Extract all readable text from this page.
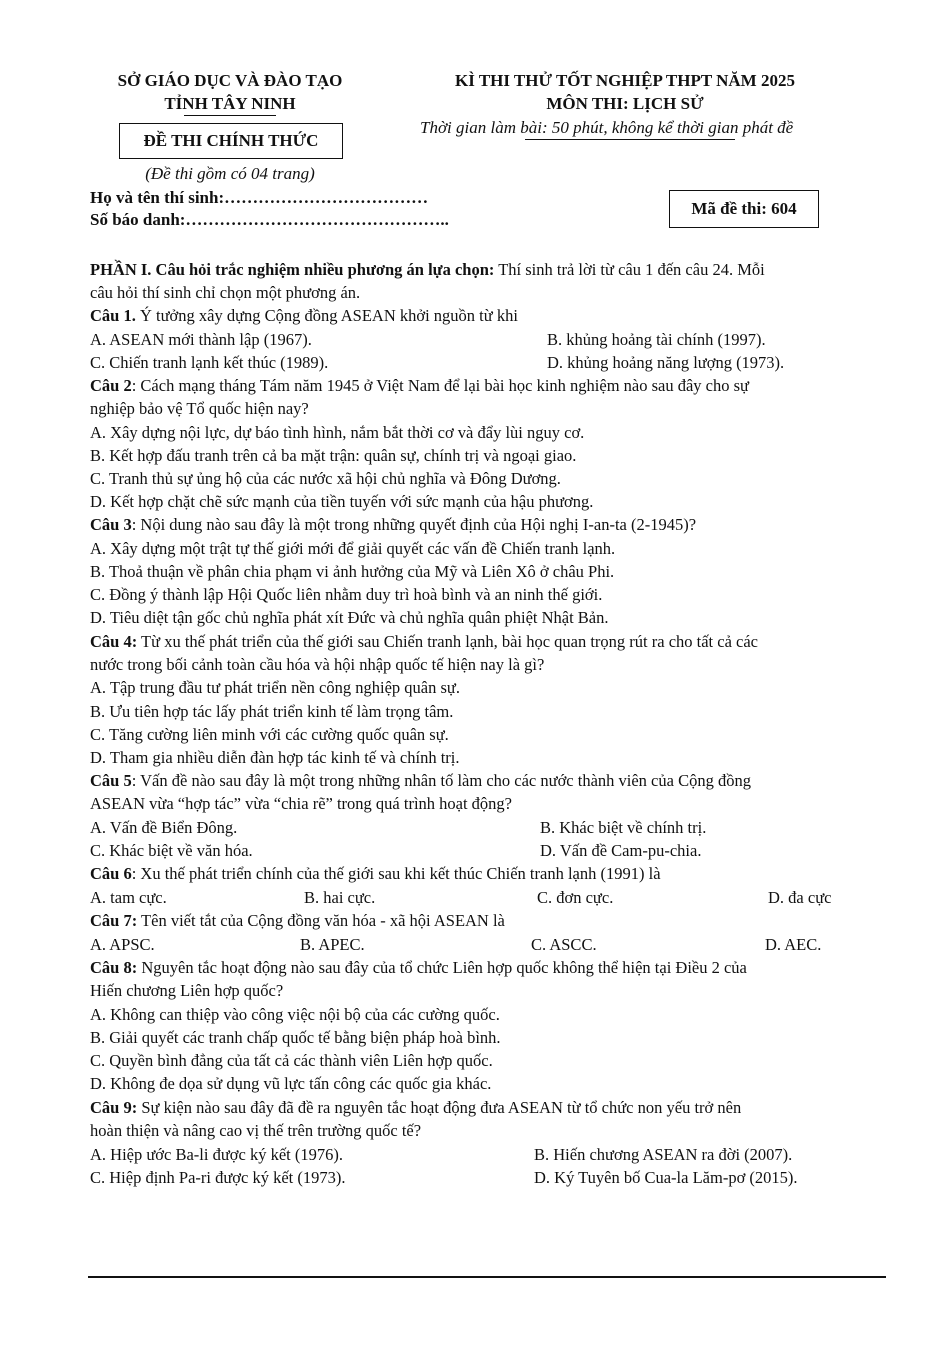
SỞ GIÁO DỤC VÀ ĐÀO TẠO
TỈNH TÂY NINH
ĐỀ THI CHÍNH THỨC
(Đề thi gồm có 04 trang)
KÌ THI THỬ TỐT NGHIỆP THPT NĂM 2025
MÔN THI: LỊCH SỬ
Thời gian làm bài: 50 phút, không kể thời gian phát đề
Họ và tên thí sinh:………………………………
Số báo danh:………………………………………..
Mã đề thi: 604
PHẦN I. Câu hỏi trắc nghiệm nhiều phương án lựa chọn: Thí sinh trả lời từ câu 1 đến câu 24. Mỗi
câu hỏi thí sinh chỉ chọn một phương án.
Câu 1. Ý tưởng xây dựng Cộng đồng ASEAN khởi nguồn từ khi
A. ASEAN mới thành lập (1967).	B. khủng hoảng tài chính (1997).
C. Chiến tranh lạnh kết thúc (1989).	D. khủng hoảng năng lượng (1973).
Câu 2: Cách mạng tháng Tám năm 1945 ở Việt Nam để lại bài học kinh nghiệm nào sau đây cho sự
nghiệp bảo vệ Tổ quốc hiện nay?
A. Xây dựng nội lực, dự báo tình hình, nắm bắt thời cơ và đẩy lùi nguy cơ.
B. Kết hợp đấu tranh trên cả ba mặt trận: quân sự, chính trị và ngoại giao.
C. Tranh thủ sự ủng hộ của các nước xã hội chủ nghĩa và Đông Dương.
D. Kết hợp chặt chẽ sức mạnh của tiền tuyến với sức mạnh của hậu phương.
Câu 3: Nội dung nào sau đây là một trong những quyết định của Hội nghị I-an-ta (2-1945)?
A. Xây dựng một trật tự thế giới mới để giải quyết các vấn đề Chiến tranh lạnh.
B. Thoả thuận về phân chia phạm vi ảnh hưởng của Mỹ và Liên Xô ở châu Phi.
C. Đồng ý thành lập Hội Quốc liên nhằm duy trì hoà bình và an ninh thế giới.
D. Tiêu diệt tận gốc chủ nghĩa phát xít Đức và chủ nghĩa quân phiệt Nhật Bản.
Câu 4: Từ xu thế phát triển của thế giới sau Chiến tranh lạnh, bài học quan trọng rút ra cho tất cả các
nước trong bối cảnh toàn cầu hóa và hội nhập quốc tế hiện nay là gì?
A. Tập trung đầu tư phát triển nền công nghiệp quân sự.
B. Ưu tiên hợp tác lấy phát triển kinh tế làm trọng tâm.
C. Tăng cường liên minh với các cường quốc quân sự.
D. Tham gia nhiều diễn đàn hợp tác kinh tế và chính trị.
Câu 5: Vấn đề nào sau đây là một trong những nhân tố làm cho các nước thành viên của Cộng đồng
ASEAN vừa “hợp tác” vừa “chia rẽ” trong quá trình hoạt động?
A. Vấn đề Biển Đông.	B. Khác biệt về chính trị.
C. Khác biệt về văn hóa.	D. Vấn đề Cam-pu-chia.
Câu 6: Xu thế phát triển chính của thế giới sau khi kết thúc Chiến tranh lạnh (1991) là
A. tam cực.	B. hai cực.	C. đơn cực.	D. đa cực
Câu 7: Tên viết tắt của Cộng đồng văn hóa - xã hội ASEAN là
A. APSC.	B. APEC.	C. ASCC.	D. AEC.
Câu 8: Nguyên tắc hoạt động nào sau đây của tổ chức Liên hợp quốc không thể hiện tại Điều 2 của
Hiến chương Liên hợp quốc?
A. Không can thiệp vào công việc nội bộ của các cường quốc.
B. Giải quyết các tranh chấp quốc tế bằng biện pháp hoà bình.
C. Quyền bình đẳng của tất cả các thành viên Liên hợp quốc.
D. Không đe dọa sử dụng vũ lực tấn công các quốc gia khác.
Câu 9: Sự kiện nào sau đây đã đề ra nguyên tắc hoạt động đưa ASEAN từ tổ chức non yếu trở nên
hoàn thiện và nâng cao vị thế trên trường quốc tế?
A. Hiệp ước Ba-li được ký kết (1976).	B. Hiến chương ASEAN ra đời (2007).
C. Hiệp định Pa-ri được ký kết (1973).	D. Ký Tuyên bố Cua-la Lăm-pơ (2015).
